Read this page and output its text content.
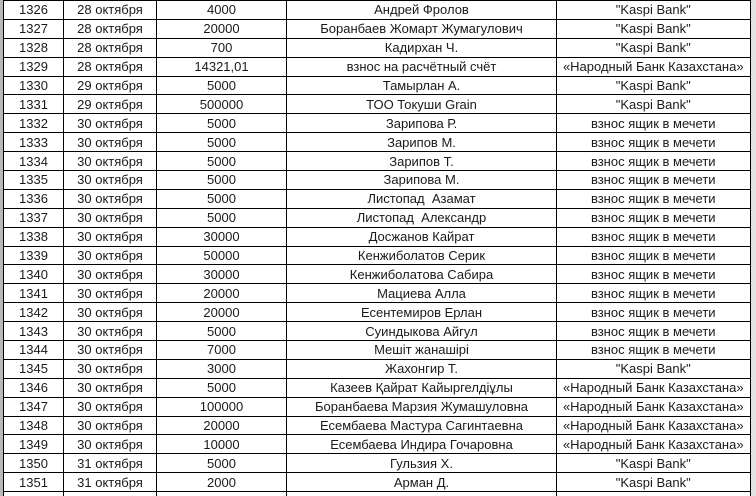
1326	28 октября	4000	Андрей Фролов	"Kaspi Bank"
1327	28 октября	20000	Боранбаев Жомарт Жумагулович	"Kaspi Bank"
1328	28 октября	700	Кадирхан Ч.	"Kaspi Bank"
1329	28 октября	14321,01	взнос на расчётный счёт	«Народный Банк Казахстана»
1330	29 октября	5000	Тамырлан А.	"Kaspi Bank"
1331	29 октября	500000	ТОО Токуши Grain	"Kaspi Bank"
1332	30 октября	5000	Зарипова Р.	взнос ящик в мечети
1333	30 октября	5000	Зарипов М.	взнос ящик в мечети
1334	30 октября	5000	Зарипов Т.	взнос ящик в мечети
1335	30 октября	5000	Зарипова М.	взнос ящик в мечети
1336	30 октября	5000	Листопад  Азамат	взнос ящик в мечети
1337	30 октября	5000	Листопад  Александр	взнос ящик в мечети
1338	30 октября	30000	Досжанов Кайрат	взнос ящик в мечети
1339	30 октября	50000	Кенжиболатов Серик	взнос ящик в мечети
1340	30 октября	30000	Кенжиболатова Сабира	взнос ящик в мечети
1341	30 октября	20000	Мациева Алла	взнос ящик в мечети
1342	30 октября	20000	Есентемиров Ерлан	взнос ящик в мечети
1343	30 октября	5000	Суиндыкова Айгул	взнос ящик в мечети
1344	30 октября	7000	Мешіт жанашірі	взнос ящик в мечети
1345	30 октября	3000	Жахонгир Т.	"Kaspi Bank"
1346	30 октября	5000	Казеев Қайрат Кайыргелдіұлы	«Народный Банк Казахстана»
1347	30 октября	100000	Боранбаева Марзия Жумашуловна	«Народный Банк Казахстана»
1348	30 октября	20000	Есембаева Мастура Сагинтаевна	«Народный Банк Казахстана»
1349	30 октября	10000	Есембаева Индира Гочаровна	«Народный Банк Казахстана»
1350	31 октября	5000	Гульзия Х.	"Kaspi Bank"
1351	31 октября	2000	Арман Д.	"Kaspi Bank"
